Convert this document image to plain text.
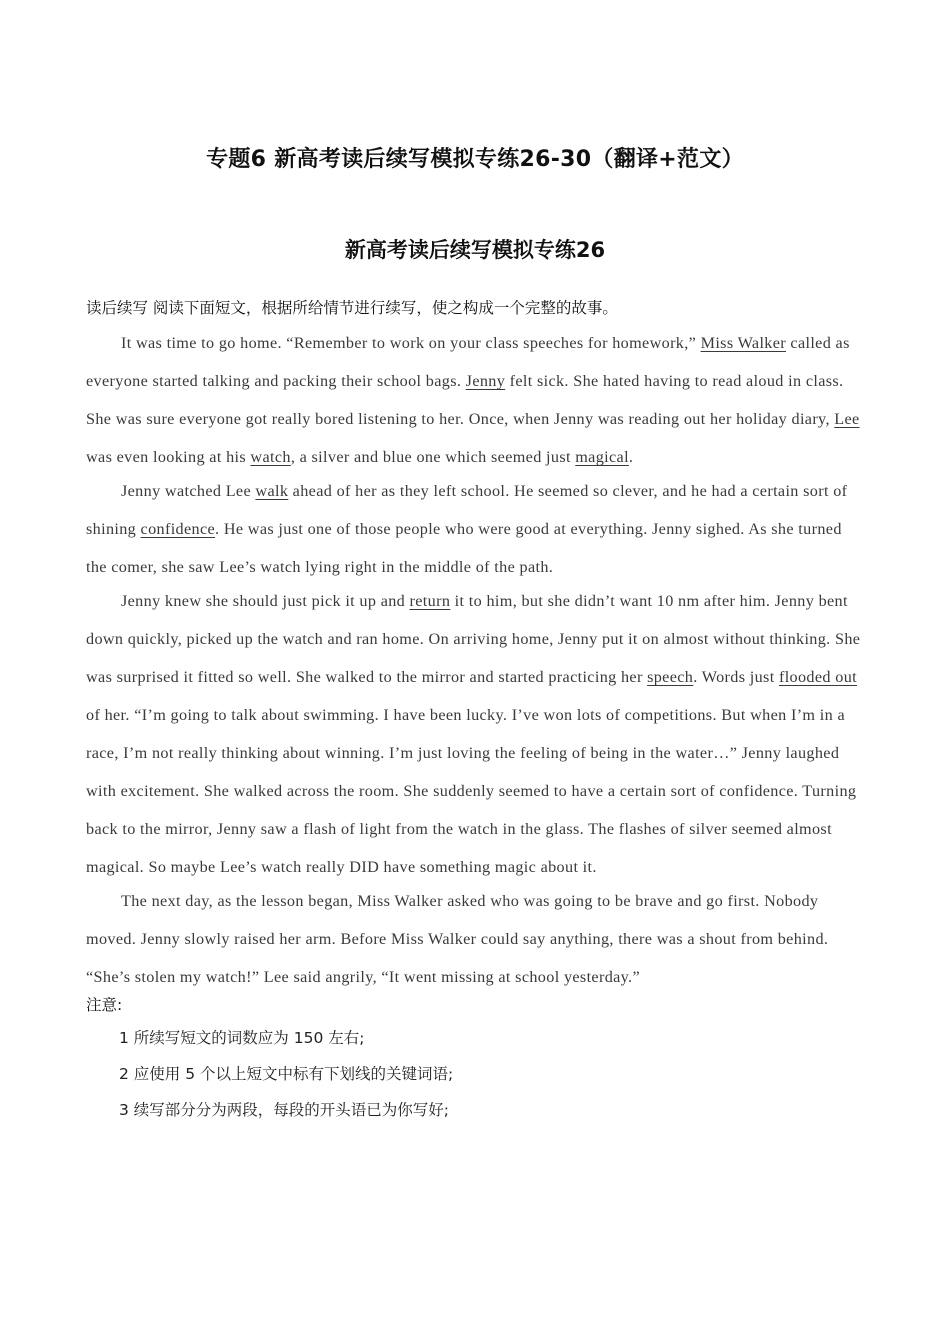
专题6 新高考读后续写模拟专练26-30（翻译+范文）
新高考读后续写模拟专练26
读后续写 阅读下面短文，根据所给情节进行续写，使之构成一个完整的故事。

It was time to go home. “Remember to work on your class speeches for homework,” Miss Walker called as everyone started talking and packing their school bags. Jenny felt sick. She hated having to read aloud in class. She was sure everyone got really bored listening to her. Once, when Jenny was reading out her holiday diary, Lee was even looking at his watch, a silver and blue one which seemed just magical.

Jenny watched Lee walk ahead of her as they left school. He seemed so clever, and he had a certain sort of shining confidence. He was just one of those people who were good at everything. Jenny sighed. As she turned the comer, she saw Lee’s watch lying right in the middle of the path.

Jenny knew she should just pick it up and return it to him, but she didn’t want 10 nm after him. Jenny bent down quickly, picked up the watch and ran home. On arriving home, Jenny put it on almost without thinking. She was surprised it fitted so well. She walked to the mirror and started practicing her speech. Words just flooded out of her. “I’m going to talk about swimming. I have been lucky. I’ve won lots of competitions. But when I’m in a race, I’m not really thinking about winning. I’m just loving the feeling of being in the water…” Jenny laughed with excitement. She walked across the room. She suddenly seemed to have a certain sort of confidence. Turning back to the mirror, Jenny saw a flash of light from the watch in the glass. The flashes of silver seemed almost magical. So maybe Lee’s watch really DID have something magic about it.

The next day, as the lesson began, Miss Walker asked who was going to be brave and go first. Nobody moved. Jenny slowly raised her arm. Before Miss Walker could say anything, there was a shout from behind. “She’s stolen my watch!” Lee said angrily, “It went missing at school yesterday.”

注意:
1 所续写短文的词数应为 150 左右;
2 应使用 5 个以上短文中标有下划线的关键词语;
3 续写部分分为两段，每段的开头语已为你写好;
